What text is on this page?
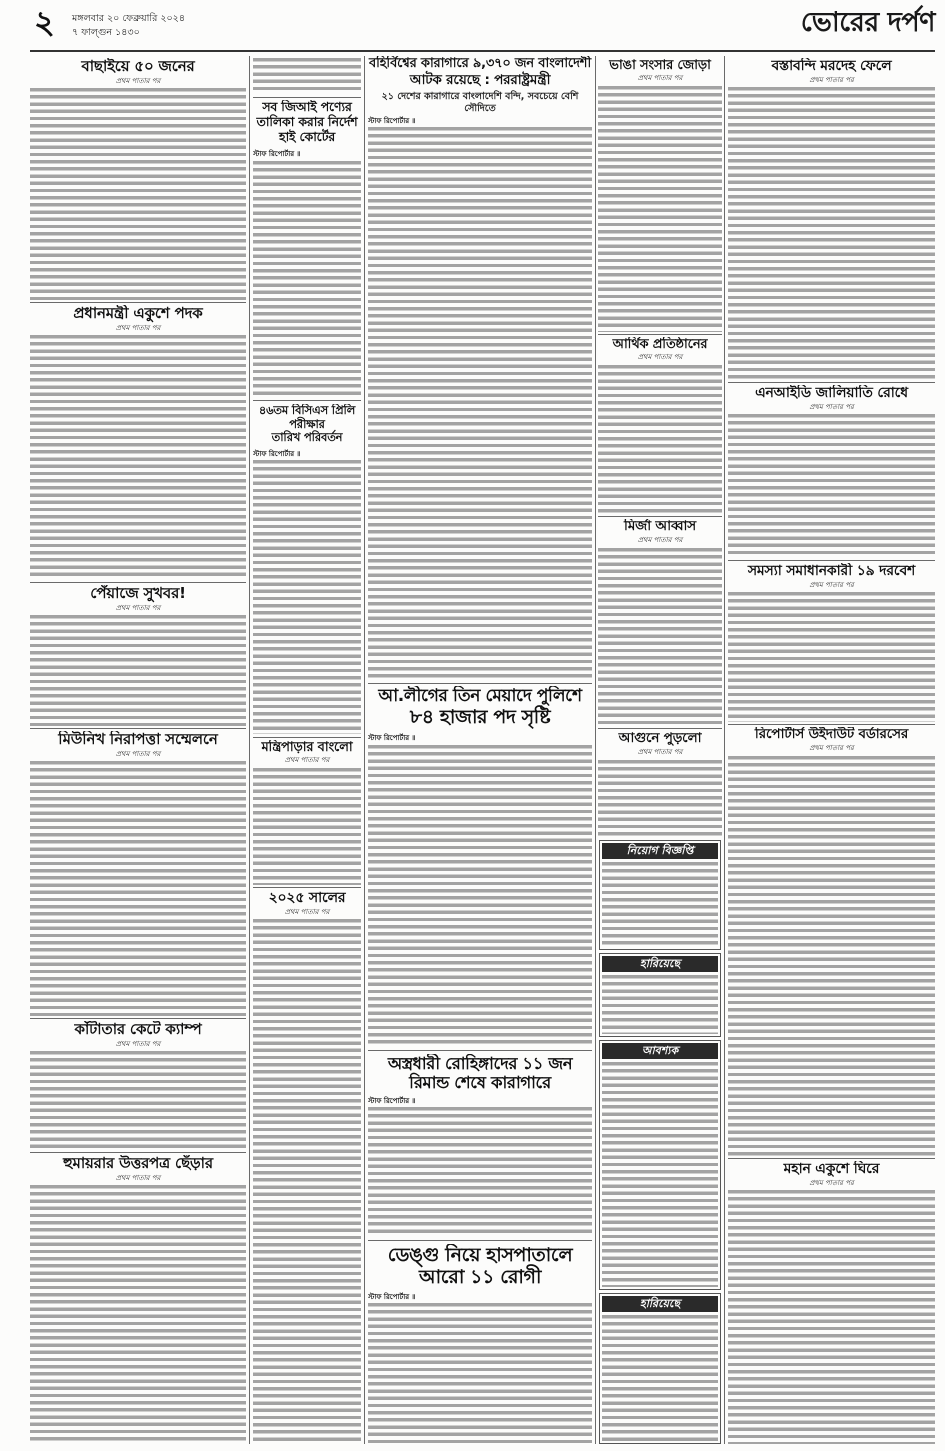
২ মঙ্গলবার ২০ ফেব্রুয়ারি ২০২৪
৭ ফাল্গুন ১৪৩০	ভোরের দর্পণ
বাছাইয়ে ৫০ জনের
প্রথম পাতার পর
প্রধানমন্ত্রী একুশে পদক
প্রথম পাতার পর
পেঁয়াজে সুখবর!
প্রথম পাতার পর
মিউনিখ নিরাপত্তা সম্মেলনে
প্রথম পাতার পর
কাঁটাতার কেটে ক্যাম্প
প্রথম পাতার পর
হুমায়রার উত্তরপত্র ছেঁড়ার
প্রথম পাতার পর
সব জিআই পণ্যের
তালিকা করার নির্দেশ
হাই কোর্টের
স্টাফ রিপোর্টার ॥
৪৬তম বিসিএস প্রিলি পরীক্ষার
তারিখ পরিবর্তন
স্টাফ রিপোর্টার ॥
মন্ত্রিপাড়ার বাংলো
প্রথম পাতার পর
২০২৫ সালের
প্রথম পাতার পর
বহির্বিশ্বের কারাগারে ৯,৩৭০ জন বাংলাদেশী
আটক রয়েছে : পররাষ্ট্রমন্ত্রী
২১ দেশের কারাগারে বাংলাদেশি বন্দি, সবচেয়ে বেশি সৌদিতে
স্টাফ রিপোর্টার ॥
আ.লীগের তিন মেয়াদে পুলিশে
৮৪ হাজার পদ সৃষ্টি
স্টাফ রিপোর্টার ॥
অস্ত্রধারী রোহিঙ্গাদের ১১ জন
রিমান্ড শেষে কারাগারে
স্টাফ রিপোর্টার ॥
ডেঙ্গু নিয়ে হাসপাতালে
আরো ১১ রোগী
স্টাফ রিপোর্টার ॥
ভাঙা সংসার জোড়া
প্রথম পাতার পর
আর্থিক প্রতিষ্ঠানের
প্রথম পাতার পর
মির্জা আব্বাস
প্রথম পাতার পর
আগুনে পুড়লো
প্রথম পাতার পর
নিয়োগ বিজ্ঞপ্তি
হারিয়েছে
আবশ্যক
হারিয়েছে
বস্তাবন্দি মরদেহ ফেলে
প্রথম পাতার পর
এনআইডি জালিয়াতি রোধে
প্রথম পাতার পর
সমস্যা সমাধানকারী ১৯ দরবেশ
প্রথম পাতার পর
রিপোর্টার্স উইদাউট বর্ডারসের
প্রথম পাতার পর
মহান একুশে ঘিরে
প্রথম পাতার পর
